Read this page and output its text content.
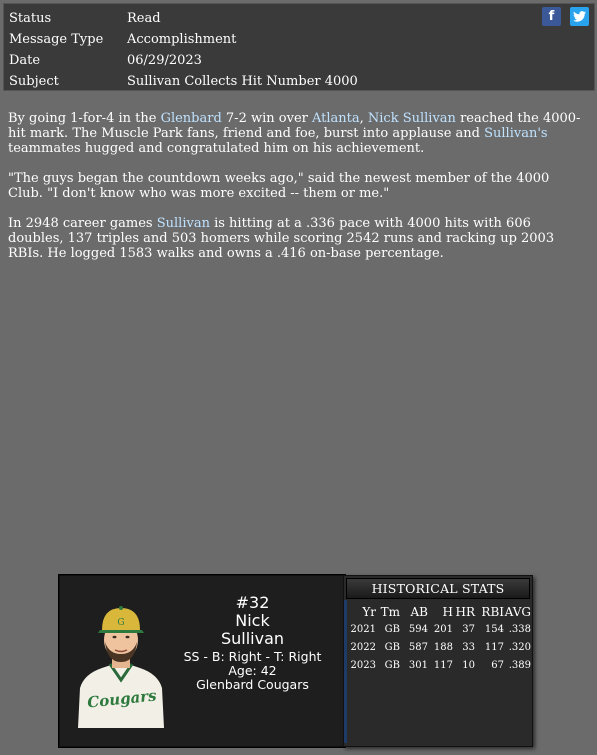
Status	Read
Message Type Accomplishment
Date	06/29/2023
Subject	Sullivan Collects Hit Number 4000
f

By going 1-for-4 in the Glenbard 7-2 win over Atlanta, Nick Sullivan reached the 4000-hit mark. The Muscle Park fans, friend and foe, burst into applause and Sullivan's teammates hugged and congratulated him on his achievement.

"The guys began the countdown weeks ago," said the newest member of the 4000 Club. "I don't know who was more excited -- them or me."

In 2948 career games Sullivan is hitting at a .336 pace with 4000 hits with 606 doubles, 137 triples and 503 homers while scoring 2542 runs and racking up 2003 RBIs. He logged 1583 walks and owns a .416 on-base percentage.

G
Cougars
#32
Nick
Sullivan
SS - B: Right - T: Right
Age: 42
Glenbard Cougars
HISTORICAL STATS
Yr	Tm	AB	H	HR	RBI	AVG
2021	GB	594	201	37	154	.338
2022	GB	587	188	33	117	.320
2023	GB	301	117	10	67	.389
